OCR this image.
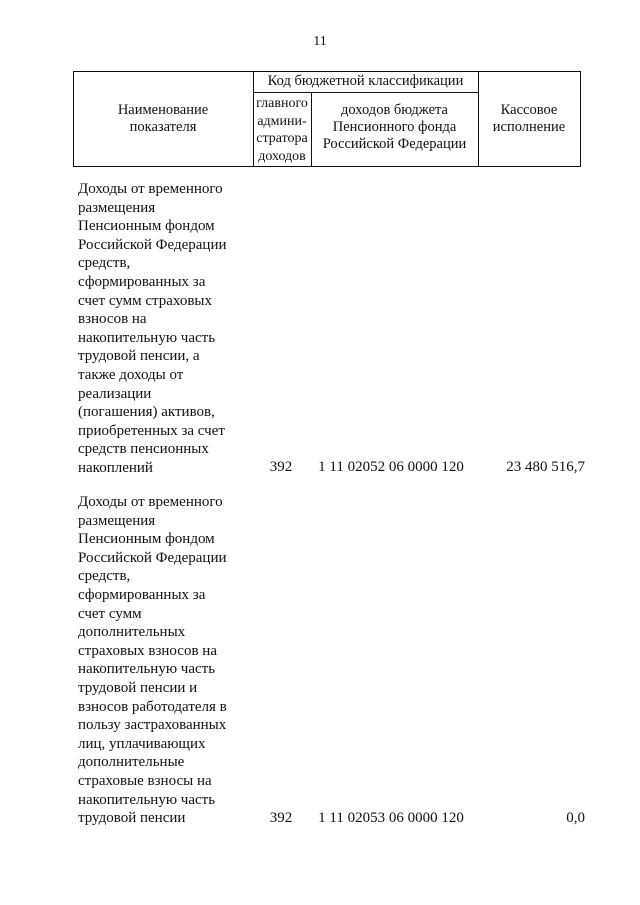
11
Наименование
показателя
Код бюджетной классификации
главного
админи-
стратора
доходов
доходов бюджета
Пенсионного фонда
Российской Федерации
Кассовое
исполнение
Доходы от временного
размещения
Пенсионным фондом
Российской Федерации
средств,
сформированных за
счет сумм страховых
взносов на
накопительную часть
трудовой пенсии, а
также доходы от
реализации
(погашения) активов,
приобретенных за счет
средств пенсионных
накоплений	392	1 11 02052 06 0000 120	23 480 516,7
Доходы от временного
размещения
Пенсионным фондом
Российской Федерации
средств,
сформированных за
счет сумм
дополнительных
страховых взносов на
накопительную часть
трудовой пенсии и
взносов работодателя в
пользу застрахованных
лиц, уплачивающих
дополнительные
страховые взносы на
накопительную часть
трудовой пенсии	392	1 11 02053 06 0000 120	0,0
